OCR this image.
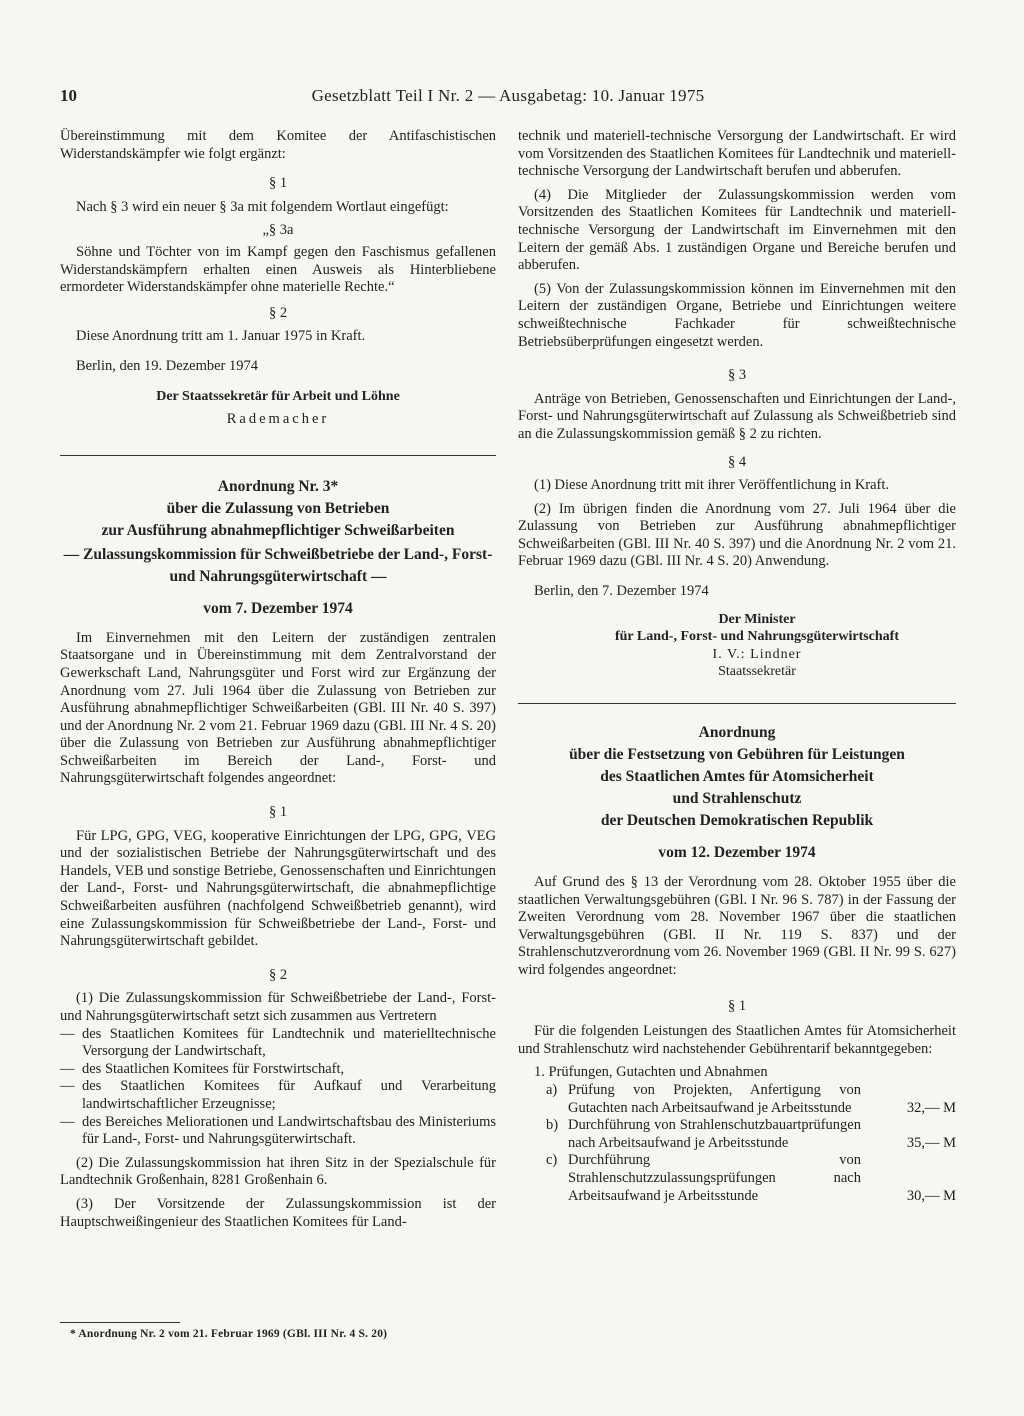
10	Gesetzblatt Teil I Nr. 2 — Ausgabetag: 10. Januar 1975

Übereinstimmung mit dem Komitee der Antifaschistischen Widerstandskämpfer wie folgt ergänzt:

§ 1

Nach § 3 wird ein neuer § 3a mit folgendem Wortlaut eingefügt:

„§ 3a

Söhne und Töchter von im Kampf gegen den Faschismus gefallenen Widerstandskämpfern erhalten einen Ausweis als Hinterbliebene ermordeter Widerstandskämpfer ohne materielle Rechte.“

§ 2

Diese Anordnung tritt am 1. Januar 1975 in Kraft.

Berlin, den 19. Dezember 1974

Der Staatssekretär für Arbeit und Löhne

Rademacher

Anordnung Nr. 3*

über die Zulassung von Betrieben

zur Ausführung abnahmepflichtiger Schweißarbeiten

— Zulassungskommission für Schweißbetriebe der Land-, Forst- und Nahrungsgüterwirtschaft —

vom 7. Dezember 1974

Im Einvernehmen mit den Leitern der zuständigen zentralen Staatsorgane und in Übereinstimmung mit dem Zentralvorstand der Gewerkschaft Land, Nahrungsgüter und Forst wird zur Ergänzung der Anordnung vom 27. Juli 1964 über die Zulassung von Betrieben zur Ausführung abnahmepflichtiger Schweißarbeiten (GBl. III Nr. 40 S. 397) und der Anordnung Nr. 2 vom 21. Februar 1969 dazu (GBl. III Nr. 4 S. 20) über die Zulassung von Betrieben zur Ausführung abnahmepflichtiger Schweißarbeiten im Bereich der Land-, Forst- und Nahrungsgüterwirtschaft folgendes angeordnet:

§ 1

Für LPG, GPG, VEG, kooperative Einrichtungen der LPG, GPG, VEG und der sozialistischen Betriebe der Nahrungsgüterwirtschaft und des Handels, VEB und sonstige Betriebe, Genossenschaften und Einrichtungen der Land-, Forst- und Nahrungsgüterwirtschaft, die abnahmepflichtige Schweißarbeiten ausführen (nachfolgend Schweißbetrieb genannt), wird eine Zulassungskommission für Schweißbetriebe der Land-, Forst- und Nahrungsgüterwirtschaft gebildet.

§ 2

(1) Die Zulassungskommission für Schweißbetriebe der Land-, Forst- und Nahrungsgüterwirtschaft setzt sich zusammen aus Vertretern

— des Staatlichen Komitees für Landtechnik und materielltechnische Versorgung der Landwirtschaft,
— des Staatlichen Komitees für Forstwirtschaft,
— des Staatlichen Komitees für Aufkauf und Verarbeitung landwirtschaftlicher Erzeugnisse;
— des Bereiches Meliorationen und Landwirtschaftsbau des Ministeriums für Land-, Forst- und Nahrungsgüterwirtschaft.

(2) Die Zulassungskommission hat ihren Sitz in der Spezialschule für Landtechnik Großenhain, 8281 Großenhain 6.

(3) Der Vorsitzende der Zulassungskommission ist der Hauptschweißingenieur des Staatlichen Komitees für Land-

technik und materiell-technische Versorgung der Landwirtschaft. Er wird vom Vorsitzenden des Staatlichen Komitees für Landtechnik und materiell-technische Versorgung der Landwirtschaft berufen und abberufen.

(4) Die Mitglieder der Zulassungskommission werden vom Vorsitzenden des Staatlichen Komitees für Landtechnik und materiell-technische Versorgung der Landwirtschaft im Einvernehmen mit den Leitern der gemäß Abs. 1 zuständigen Organe und Bereiche berufen und abberufen.

(5) Von der Zulassungskommission können im Einvernehmen mit den Leitern der zuständigen Organe, Betriebe und Einrichtungen weitere schweißtechnische Fachkader für schweißtechnische Betriebsüberprüfungen eingesetzt werden.

§ 3

Anträge von Betrieben, Genossenschaften und Einrichtungen der Land-, Forst- und Nahrungsgüterwirtschaft auf Zulassung als Schweißbetrieb sind an die Zulassungskommission gemäß § 2 zu richten.

§ 4

(1) Diese Anordnung tritt mit ihrer Veröffentlichung in Kraft.

(2) Im übrigen finden die Anordnung vom 27. Juli 1964 über die Zulassung von Betrieben zur Ausführung abnahmepflichtiger Schweißarbeiten (GBl. III Nr. 40 S. 397) und die Anordnung Nr. 2 vom 21. Februar 1969 dazu (GBl. III Nr. 4 S. 20) Anwendung.

Berlin, den 7. Dezember 1974

Der Minister

für Land-, Forst- und Nahrungsgüterwirtschaft

I. V.: Lindner

Staatssekretär

Anordnung

über die Festsetzung von Gebühren für Leistungen

des Staatlichen Amtes für Atomsicherheit

und Strahlenschutz

der Deutschen Demokratischen Republik

vom 12. Dezember 1974

Auf Grund des § 13 der Verordnung vom 28. Oktober 1955 über die staatlichen Verwaltungsgebühren (GBl. I Nr. 96 S. 787) in der Fassung der Zweiten Verordnung vom 28. November 1967 über die staatlichen Verwaltungsgebühren (GBl. II Nr. 119 S. 837) und der Strahlenschutzverordnung vom 26. November 1969 (GBl. II Nr. 99 S. 627) wird folgendes angeordnet:

§ 1

Für die folgenden Leistungen des Staatlichen Amtes für Atomsicherheit und Strahlenschutz wird nachstehender Gebührentarif bekanntgegeben:

1. Prüfungen, Gutachten und Abnahmen

a) Prüfung von Projekten, Anfertigung von Gutachten nach Arbeitsaufwand je Arbeitsstunde	32,— M
b) Durchführung von Strahlenschutzbauartprüfungen nach Arbeitsaufwand je Arbeitsstunde	35,— M
c) Durchführung von Strahlenschutzzulassungsprüfungen nach Arbeitsaufwand je Arbeitsstunde	30,— M
* Anordnung Nr. 2 vom 21. Februar 1969 (GBl. III Nr. 4 S. 20)
